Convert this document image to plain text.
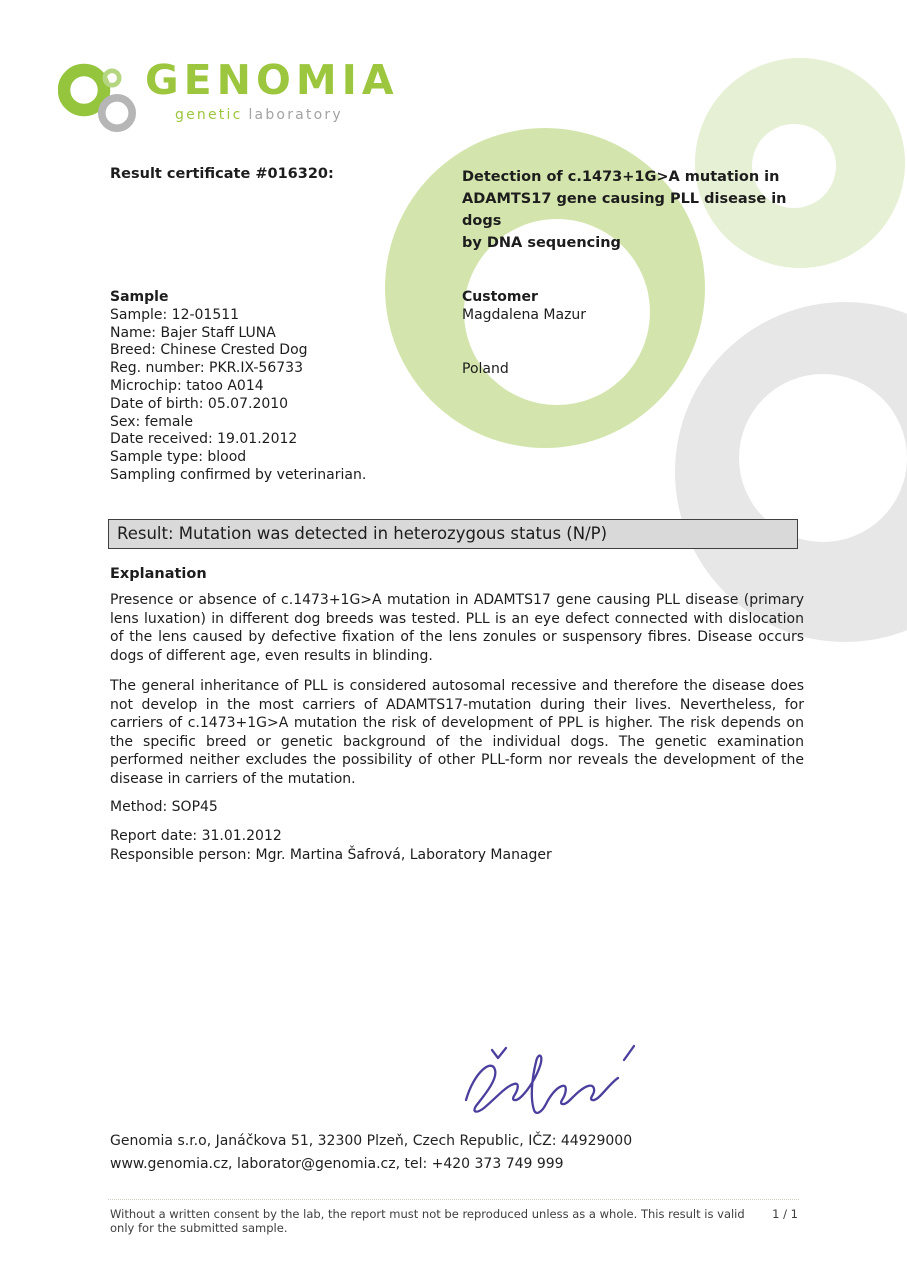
GENOMIA
genetic laboratory
Result certificate #016320:	Detection of c.1473+1G>A mutation in
ADAMTS17 gene causing PLL disease in dogs
by DNA sequencing
Sample
Sample: 12-01511
Name: Bajer Staff LUNA
Breed: Chinese Crested Dog
Reg. number: PKR.IX-56733
Microchip: tatoo A014
Date of birth: 05.07.2010
Sex: female
Date received: 19.01.2012
Sample type: blood
Sampling confirmed by veterinarian.
Customer
Magdalena Mazur
Poland
Result: Mutation was detected in heterozygous status (N/P)
Explanation
Presence or absence of c.1473+1G>A mutation in ADAMTS17 gene causing PLL disease (primary lens luxation) in different dog breeds was tested. PLL is an eye defect connected with dislocation of the lens caused by defective fixation of the lens zonules or suspensory fibres. Disease occurs dogs of different age, even results in blinding.
The general inheritance of PLL is considered autosomal recessive and therefore the disease does not develop in the most carriers of ADAMTS17-mutation during their lives. Nevertheless, for carriers of c.1473+1G>A mutation the risk of development of PPL is higher. The risk depends on the specific breed or genetic background of the individual dogs. The genetic examination performed neither excludes the possibility of other PLL-form nor reveals the development of the disease in carriers of the mutation.
Method: SOP45
Report date: 31.01.2012
Responsible person: Mgr. Martina Šafrová, Laboratory Manager
Genomia s.r.o, Janáčkova 51, 32300 Plzeň, Czech Republic, IČZ: 44929000
www.genomia.cz, laborator@genomia.cz, tel: +420 373 749 999
Without a written consent by the lab, the report must not be reproduced unless as a whole. This result is valid only for the submitted sample.
1 / 1
